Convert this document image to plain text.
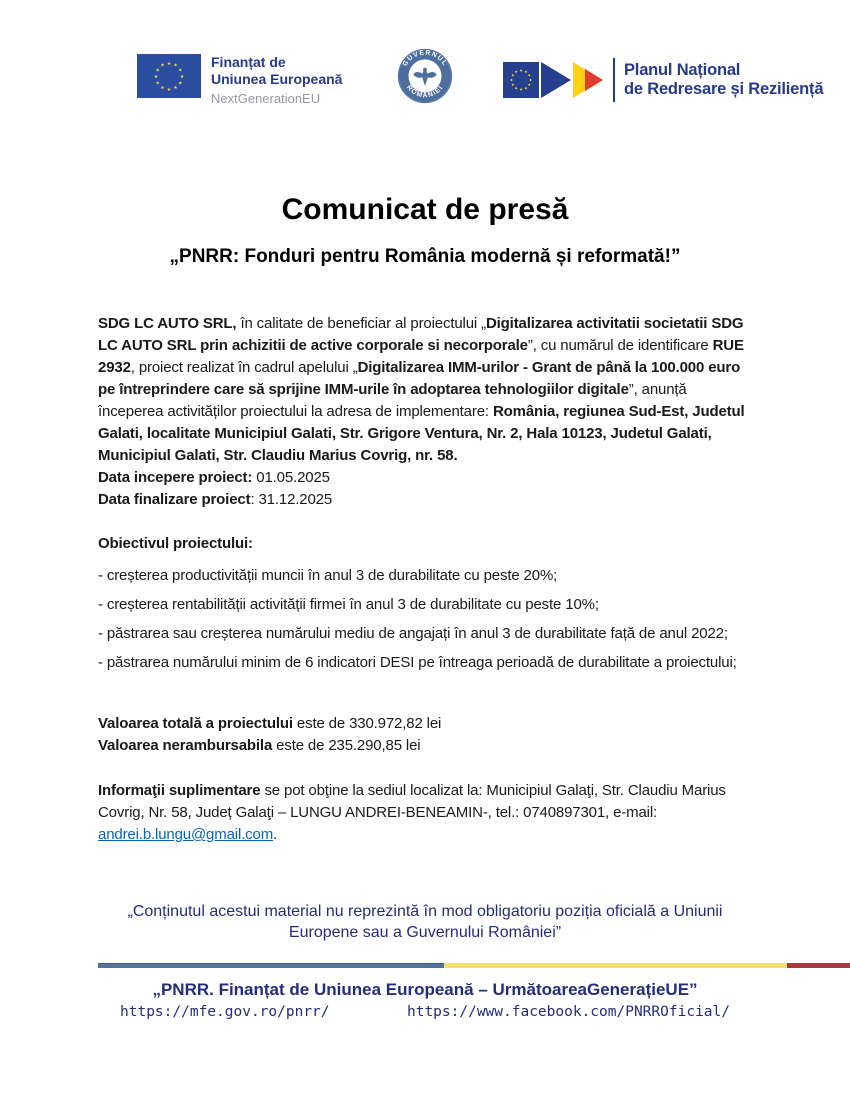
★
★
★
★
★
★
★
★
★ ★ ★
★
Finanțat de
Uniunea Europeană
NextGenerationEU
GUVERNUL
ROMÂNIEI
Planul Național
de Redresare și Reziliență
Comunicat de presă
„PNRR: Fonduri pentru România modernă și reformată!”

SDG LC AUTO SRL, în calitate de beneficiar al proiectului „Digitalizarea activitatii societatii SDG LC AUTO SRL prin achizitii de active corporale si necorporale”, cu numărul de identificare RUE 2932, proiect realizat în cadrul apelului „Digitalizarea IMM-urilor - Grant de până la 100.000 euro pe întreprindere care să sprijine IMM-urile în adoptarea tehnologiilor digitale”, anunță începerea activităților proiectului la adresa de implementare: România, regiunea Sud-Est, Judetul Galati, localitate Municipiul Galati, Str. Grigore Ventura, Nr. 2, Hala 10123, Judetul Galati, Municipiul Galati, Str. Claudiu Marius Covrig, nr. 58.

Data incepere proiect: 01.05.2025

Data finalizare proiect: 31.12.2025

Obiectivul proiectului:

- creșterea productivității muncii în anul 3 de durabilitate cu peste 20%;

- creșterea rentabilității activității firmei în anul 3 de durabilitate cu peste 10%;

- păstrarea sau creșterea numărului mediu de angajați în anul 3 de durabilitate față de anul 2022;

- păstrarea numărului minim de 6 indicatori DESI pe întreaga perioadă de durabilitate a proiectului;

Valoarea totală a proiectului este de 330.972,82 lei

Valoarea nerambursabila este de 235.290,85 lei

Informaţii suplimentare se pot obţine la sediul localizat la: Municipiul Galaţi, Str. Claudiu Marius Covrig, Nr. 58, Județ Galaţi – LUNGU ANDREI-BENEAMIN-, tel.: 0740897301, e-mail: andrei.b.lungu@gmail.com.

„Conținutul acestui material nu reprezintă în mod obligatoriu poziția oficială a Uniunii Europene sau a Guvernului României”

„PNRR. Finanțat de Uniunea Europeană – UrmătoareaGenerațieUE”

https://mfe.gov.ro/pnrr/	https://www.facebook.com/PNRROficial/
